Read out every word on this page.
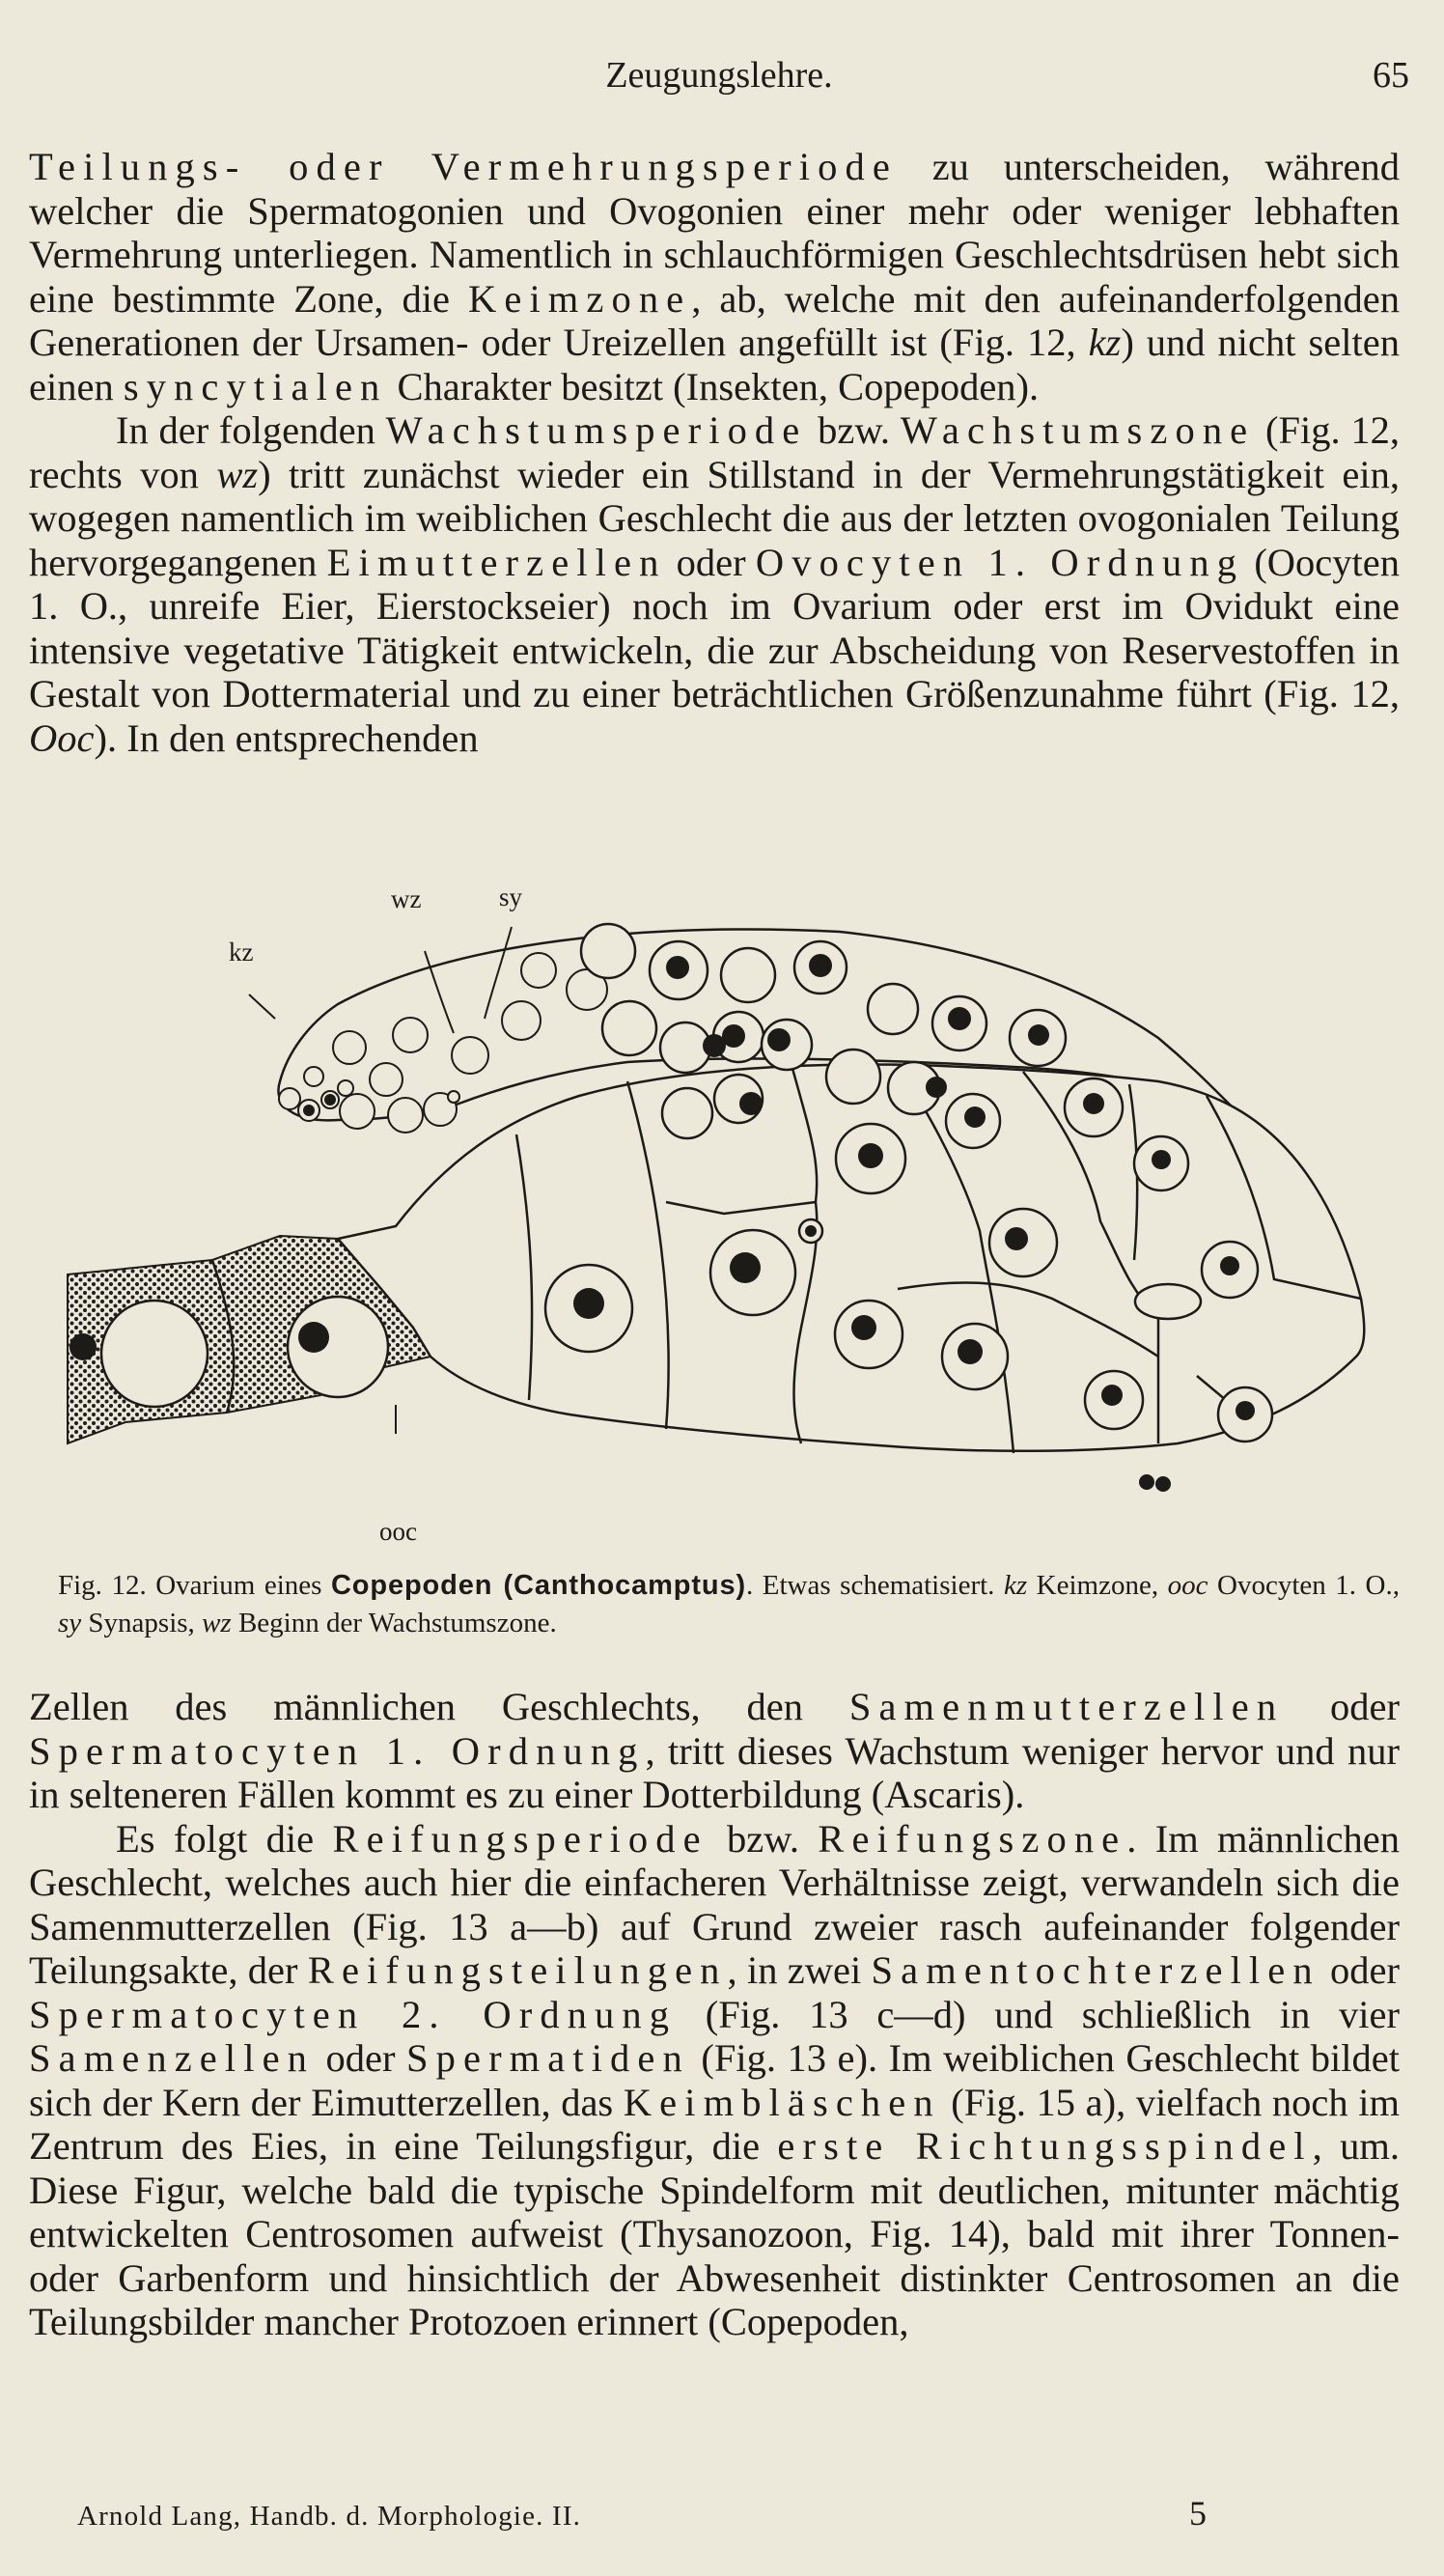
Zeugungslehre.	65

Teilungs- oder Vermehrungsperiode zu unterscheiden, während welcher die Spermatogonien und Ovogonien einer mehr oder weniger lebhaften Vermehrung unterliegen. Namentlich in schlauchförmigen Geschlechtsdrüsen hebt sich eine bestimmte Zone, die Keimzone, ab, welche mit den aufeinanderfolgenden Generationen der Ursamen- oder Ureizellen angefüllt ist (Fig. 12, kz) und nicht selten einen syncytialen Charakter besitzt (Insekten, Copepoden).

In der folgenden Wachstumsperiode bzw. Wachstumszone (Fig. 12, rechts von wz) tritt zunächst wieder ein Stillstand in der Vermehrungstätigkeit ein, wogegen namentlich im weiblichen Geschlecht die aus der letzten ovogonialen Teilung hervorgegangenen Eimutterzellen oder Ovocyten 1. Ordnung (Oocyten 1. O., unreife Eier, Eierstockseier) noch im Ovarium oder erst im Ovidukt eine intensive vegetative Tätigkeit entwickeln, die zur Abscheidung von Reservestoffen in Gestalt von Dottermaterial und zu einer beträchtlichen Größenzunahme führt (Fig. 12, Ooc). In den entsprechenden

wz	sy
kz
ooc

Fig. 12. Ovarium eines Copepoden (Canthocamptus). Etwas schematisiert. kz Keimzone, ooc Ovocyten 1. O., sy Synapsis, wz Beginn der Wachstumszone.

Zellen des männlichen Geschlechts, den Samenmutterzellen oder Spermatocyten 1. Ordnung, tritt dieses Wachstum weniger hervor und nur in selteneren Fällen kommt es zu einer Dotterbildung (Ascaris).

Es folgt die Reifungsperiode bzw. Reifungszone. Im männlichen Geschlecht, welches auch hier die einfacheren Verhältnisse zeigt, verwandeln sich die Samenmutterzellen (Fig. 13 a—b) auf Grund zweier rasch aufeinander folgender Teilungsakte, der Reifungsteilungen, in zwei Samentochterzellen oder Spermatocyten 2. Ordnung (Fig. 13 c—d) und schließlich in vier Samenzellen oder Spermatiden (Fig. 13 e). Im weiblichen Geschlecht bildet sich der Kern der Eimutterzellen, das Keimbläschen (Fig. 15 a), vielfach noch im Zentrum des Eies, in eine Teilungsfigur, die erste Richtungsspindel, um. Diese Figur, welche bald die typische Spindelform mit deutlichen, mitunter mächtig entwickelten Centrosomen aufweist (Thysanozoon, Fig. 14), bald mit ihrer Tonnen- oder Garbenform und hinsichtlich der Abwesenheit distinkter Centrosomen an die Teilungsbilder mancher Protozoen erinnert (Copepoden,

Arnold Lang, Handb. d. Morphologie. II.	5
